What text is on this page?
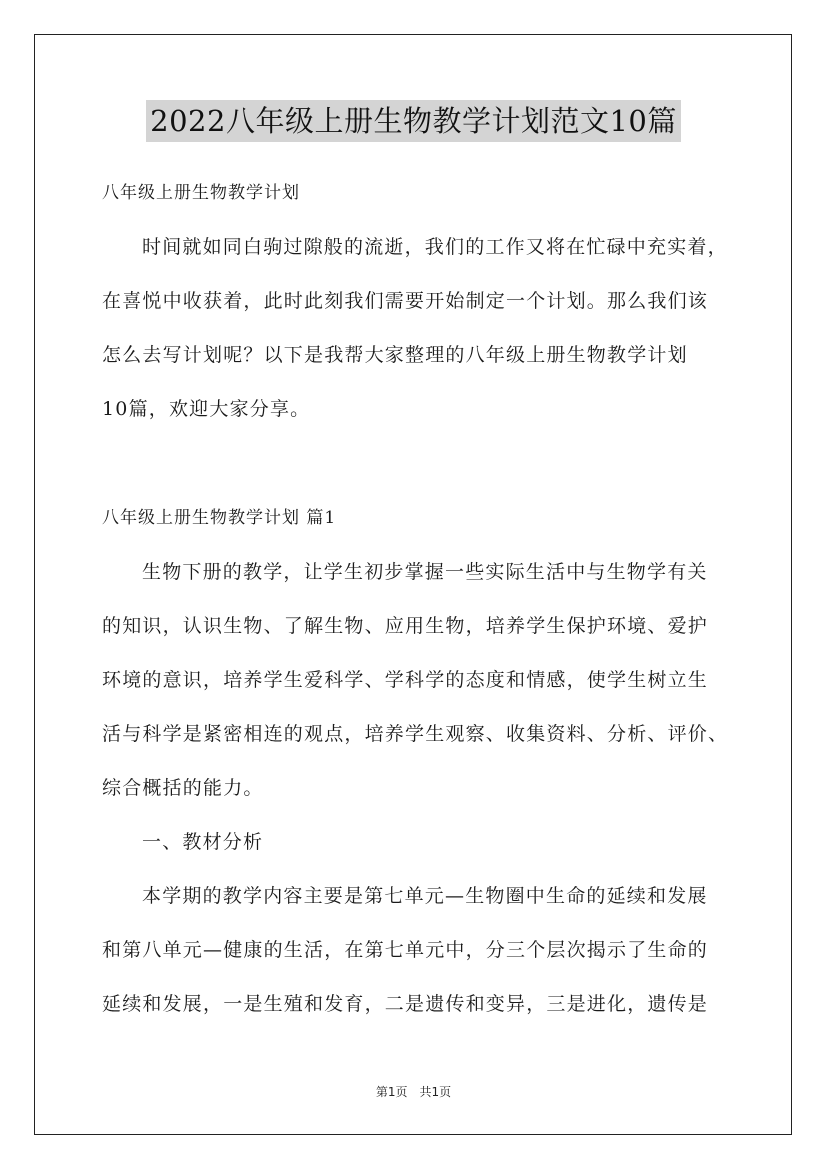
2022八年级上册生物教学计划范文10篇
八年级上册生物教学计划
时间就如同白驹过隙般的流逝，我们的工作又将在忙碌中充实着，
在喜悦中收获着，此时此刻我们需要开始制定一个计划。那么我们该
怎么去写计划呢？以下是我帮大家整理的八年级上册生物教学计划
10篇，欢迎大家分享。
八年级上册生物教学计划 篇1
生物下册的教学，让学生初步掌握一些实际生活中与生物学有关
的知识，认识生物、了解生物、应用生物，培养学生保护环境、爱护
环境的意识，培养学生爱科学、学科学的态度和情感，使学生树立生
活与科学是紧密相连的观点，培养学生观察、收集资料、分析、评价、
综合概括的能力。
一、教材分析
本学期的教学内容主要是第七单元—生物圈中生命的延续和发展
和第八单元—健康的生活，在第七单元中，分三个层次揭示了生命的
延续和发展，一是生殖和发育，二是遗传和变异，三是进化，遗传是
第1页 共1页
